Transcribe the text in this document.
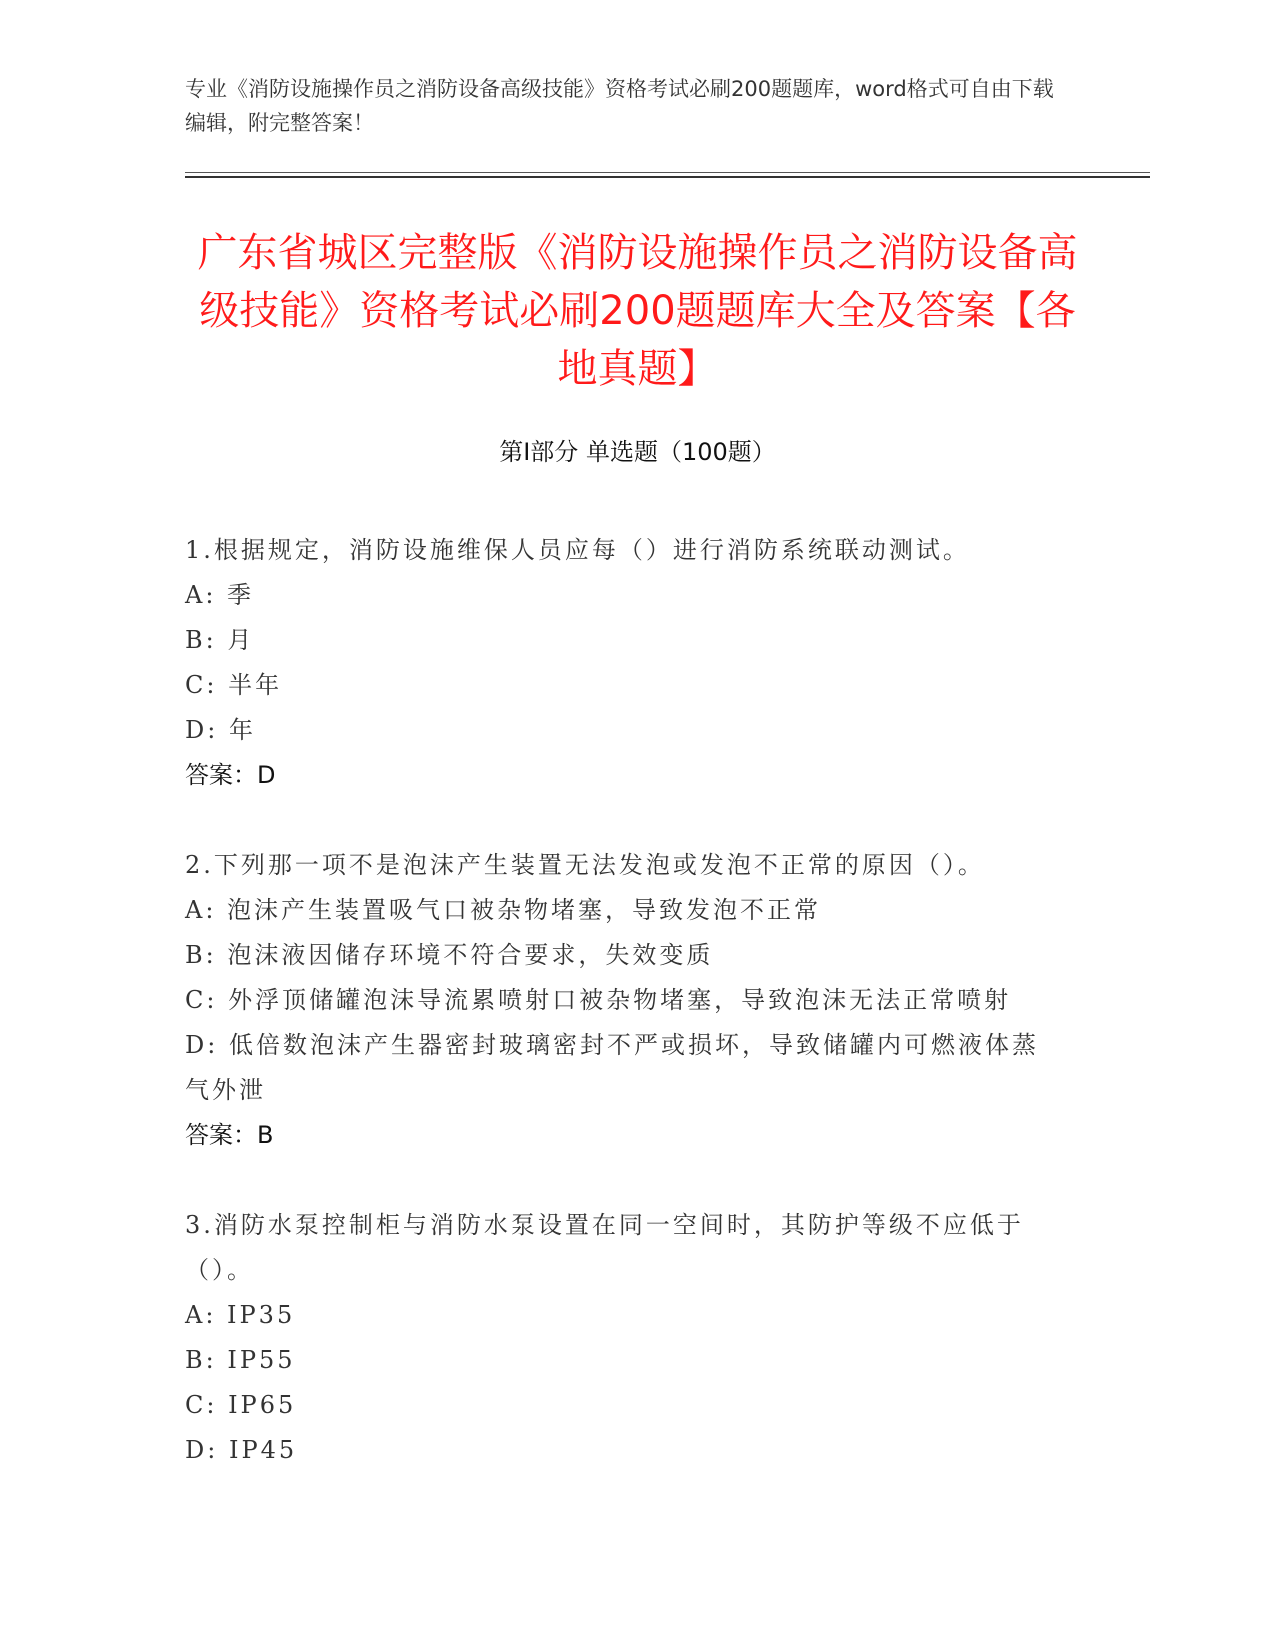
专业《消防设施操作员之消防设备高级技能》资格考试必刷200题题库，word格式可自由下载编辑，附完整答案！
广东省城区完整版《消防设施操作员之消防设备高级技能》资格考试必刷200题题库大全及答案【各地真题】
第I部分 单选题（100题）
1.根据规定，消防设施维保人员应每（）进行消防系统联动测试。
A: 季
B: 月
C: 半年
D: 年
答案：D
2.下列那一项不是泡沫产生装置无法发泡或发泡不正常的原因（）。
A: 泡沫产生装置吸气口被杂物堵塞，导致发泡不正常
B: 泡沫液因储存环境不符合要求，失效变质
C: 外浮顶储罐泡沫导流累喷射口被杂物堵塞，导致泡沫无法正常喷射
D: 低倍数泡沫产生器密封玻璃密封不严或损坏，导致储罐内可燃液体蒸气外泄
答案：B
3.消防水泵控制柜与消防水泵设置在同一空间时，其防护等级不应低于（）。
A: IP35
B: IP55
C: IP65
D: IP45
